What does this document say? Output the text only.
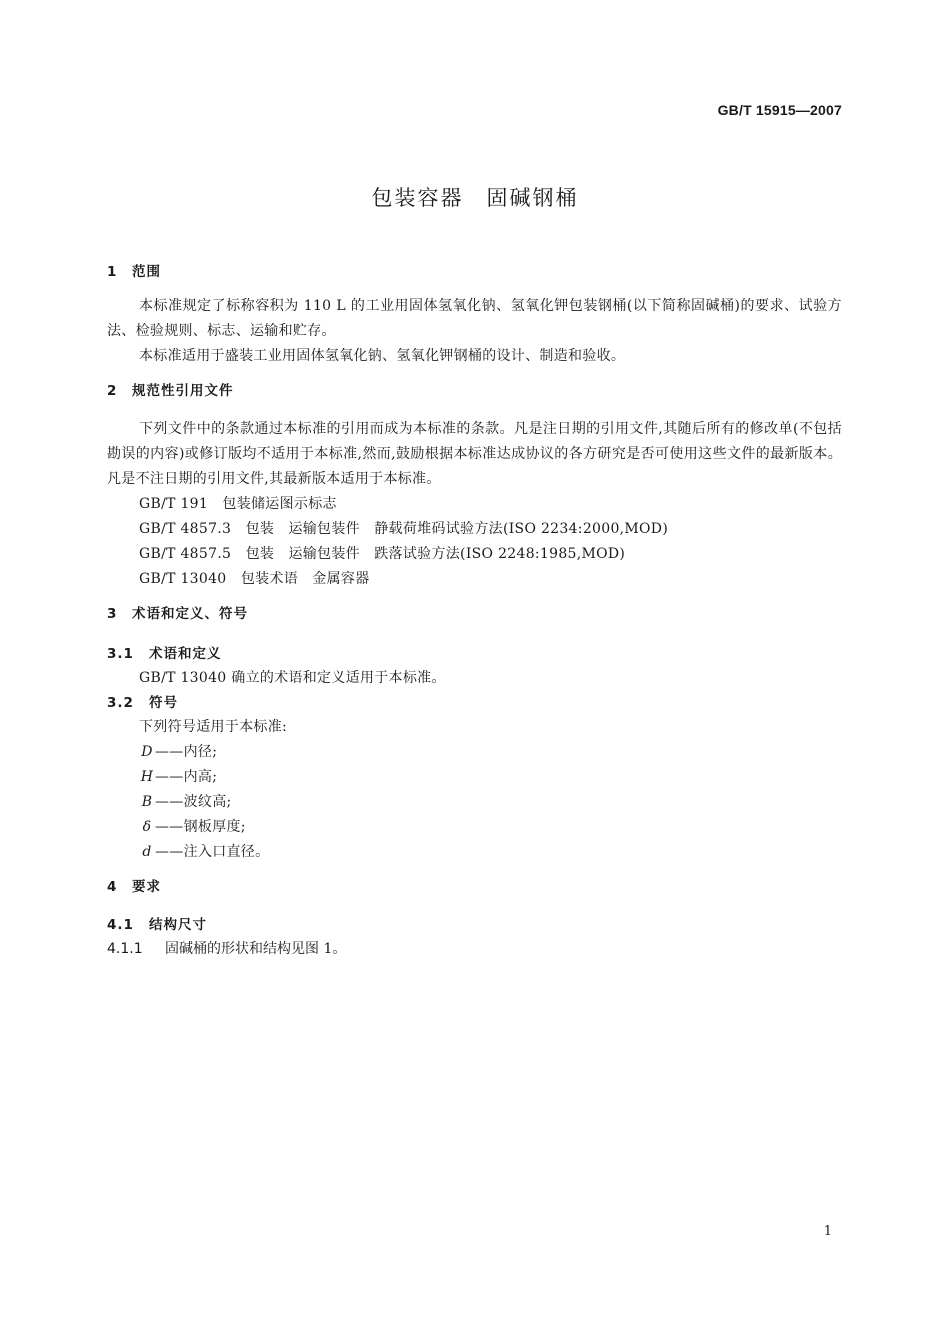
GB/T 15915—2007
包装容器　固碱钢桶
1 范围
本标准规定了标称容积为 110 L 的工业用固体氢氧化钠、氢氧化钾包装钢桶(以下简称固碱桶)的要求、试验方法、检验规则、标志、运输和贮存。
本标准适用于盛装工业用固体氢氧化钠、氢氧化钾钢桶的设计、制造和验收。
2 规范性引用文件
下列文件中的条款通过本标准的引用而成为本标准的条款。凡是注日期的引用文件,其随后所有的修改单(不包括勘误的内容)或修订版均不适用于本标准,然而,鼓励根据本标准达成协议的各方研究是否可使用这些文件的最新版本。凡是不注日期的引用文件,其最新版本适用于本标准。
GB/T 191　包装储运图示标志
GB/T 4857.3　包装　运输包装件　静载荷堆码试验方法(ISO 2234:2000,MOD)
GB/T 4857.5　包装　运输包装件　跌落试验方法(ISO 2248:1985,MOD)
GB/T 13040　包装术语　金属容器
3 术语和定义、符号
3.1 术语和定义
GB/T 13040 确立的术语和定义适用于本标准。
3.2 符号
下列符号适用于本标准:
D ——内径;
H ——内高;
B ——波纹高;
δ ——钢板厚度;
d ——注入口直径。
4 要求
4.1 结构尺寸
4.1.1 固碱桶的形状和结构见图 1。
1
